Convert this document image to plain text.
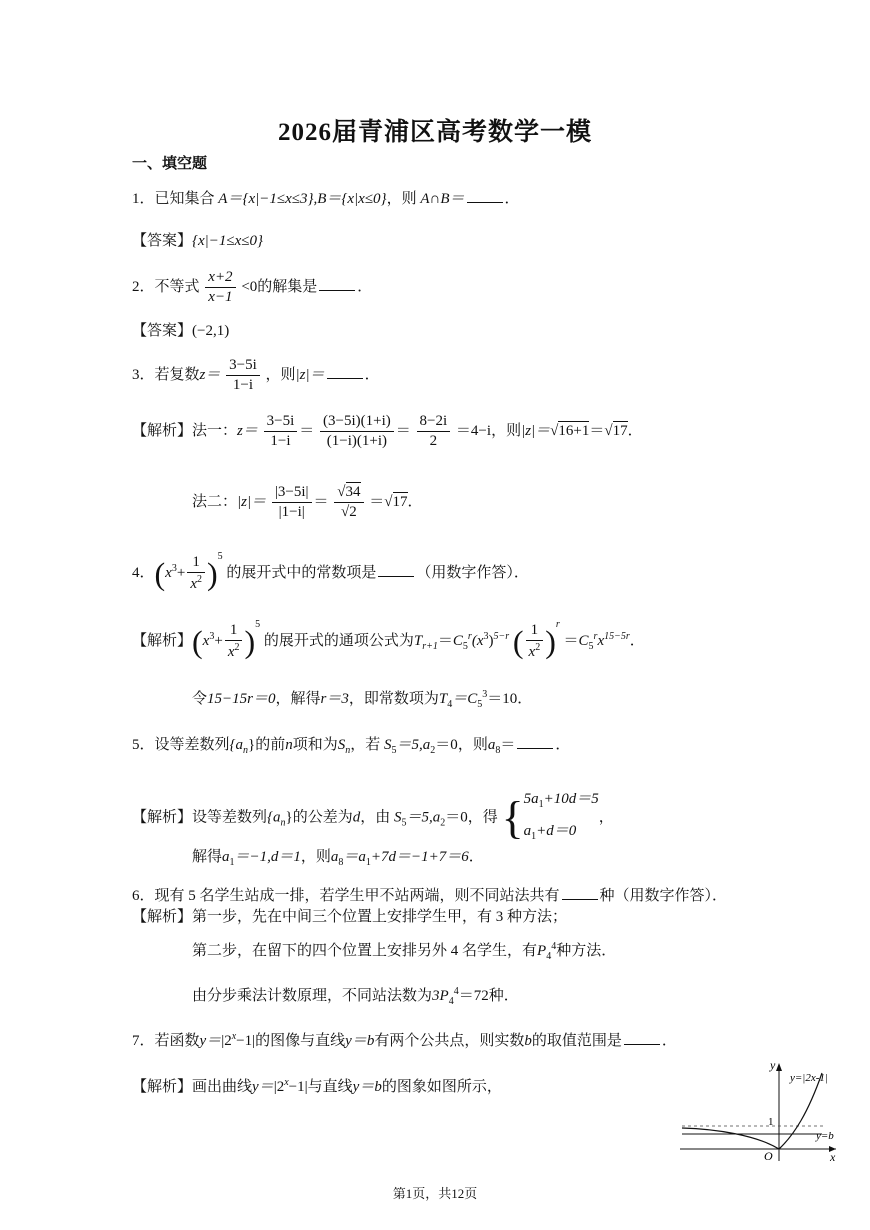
2026届青浦区高考数学一模
一、填空题
1．已知集合 A＝{x|−1≤x≤3},B＝{x|x≤0}，则 A∩B＝	．
【答案】{x|−1≤x≤0}
2．不等式 $\frac{x+2}{x-1} <0$的解集是	．
【答案】(−2,1)
3．若复数$z= \frac{3-5i}{1-i}$ ，则|z|＝	．
【解析】法一：$z= \frac{3-5i}{1-i} = \frac{(3-5i)(1+i)}{(1-i)(1+i)} = \frac{8-2i}{2} =4-i$，则|z|＝√16+1＝√17．
法二：$|z|= \frac{|3-5i|}{|1-i|} = \frac{√34}{√2} =√17$．
4．$(x^3+ \frac{1}{x^2} )^5$ 的展开式中的常数项是	（用数字作答）．
【解析】$(x^3+ \frac{1}{x^2} )^5$ 的展开式的通项公式为$T_{r+1}=C_5^r(x^3)^{5-r}$ ( $\frac{1}{x^2} )^r =C_5^rx^{15-5r}$．
令15−15r＝0，解得r＝3，即常数项为$T_4=C_5^3=10$．
5．设等差数列$\{a_n\}$的前n项和为$S_n$，若 $S_5=5,a_2=0$，则$a_8=$	．
【解析】设等差数列$\{a_n\}$的公差为d，由 $S_5=5,a_2=0$，得 { $5a_1+10d=5$
$a_1+d=0$
，
解得$a_1=-1,d=1$，则$a_8=a_1+7d=-1+7=6$．
6．现有 5 名学生站成一排，若学生甲不站两端，则不同站法共有	种（用数字作答）．
【解析】第一步，先在中间三个位置上安排学生甲，有 3 种方法；
第二步，在留下的四个位置上安排另外 4 名学生，有$P_4^4$种方法．
由分步乘法计数原理，不同站法数为$3P_4^4=72$种．
7．若函数$y=|2^x-1|$的图像与直线y＝b有两个公共点，则实数b的取值范围是	．
【解析】画出曲线$y=|2^x-1|$与直线y＝b的图象如图所示，
y
x
O
1
y=|2x-1|
y=b
第1页，共12页
